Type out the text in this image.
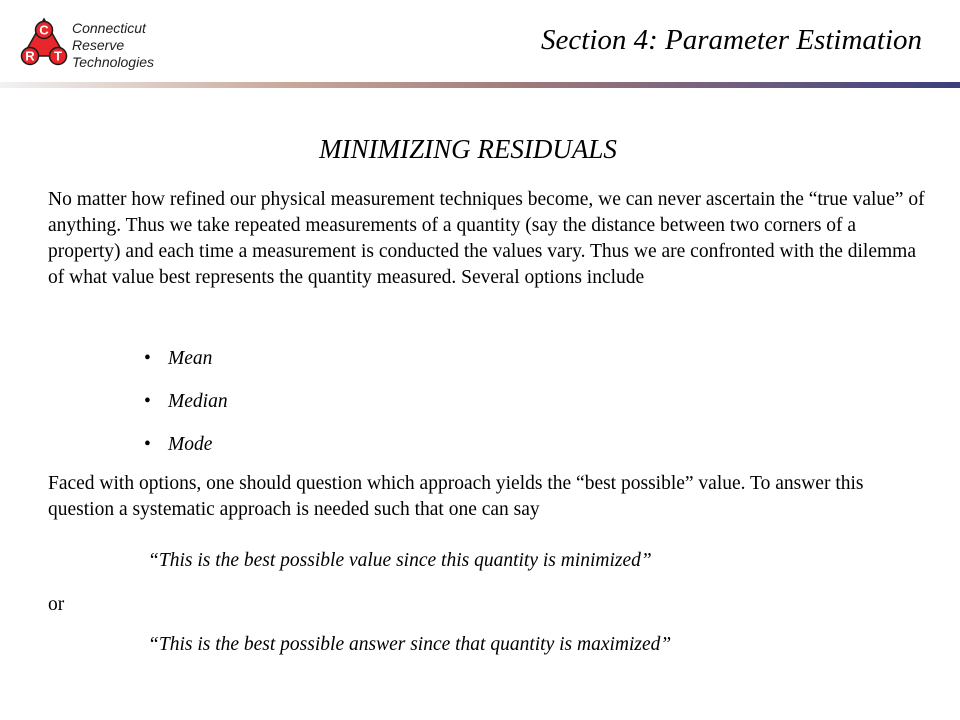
C
R T
Connecticut
Reserve
Technologies
Section 4: Parameter Estimation
MINIMIZING RESIDUALS

No matter how refined our physical measurement techniques become, we can never ascertain the “true value” of anything. Thus we take repeated measurements of a quantity (say the distance between two corners of a property) and each time a measurement is conducted the values vary. Thus we are confronted with the dilemma of what value best represents the quantity measured. Several options include

• Mean
• Median
• Mode

Faced with options, one should question which approach yields the “best possible” value. To answer this question a systematic approach is needed such that one can say

“This is the best possible value since this quantity is minimized”
or
“This is the best possible answer since that quantity is maximized”
